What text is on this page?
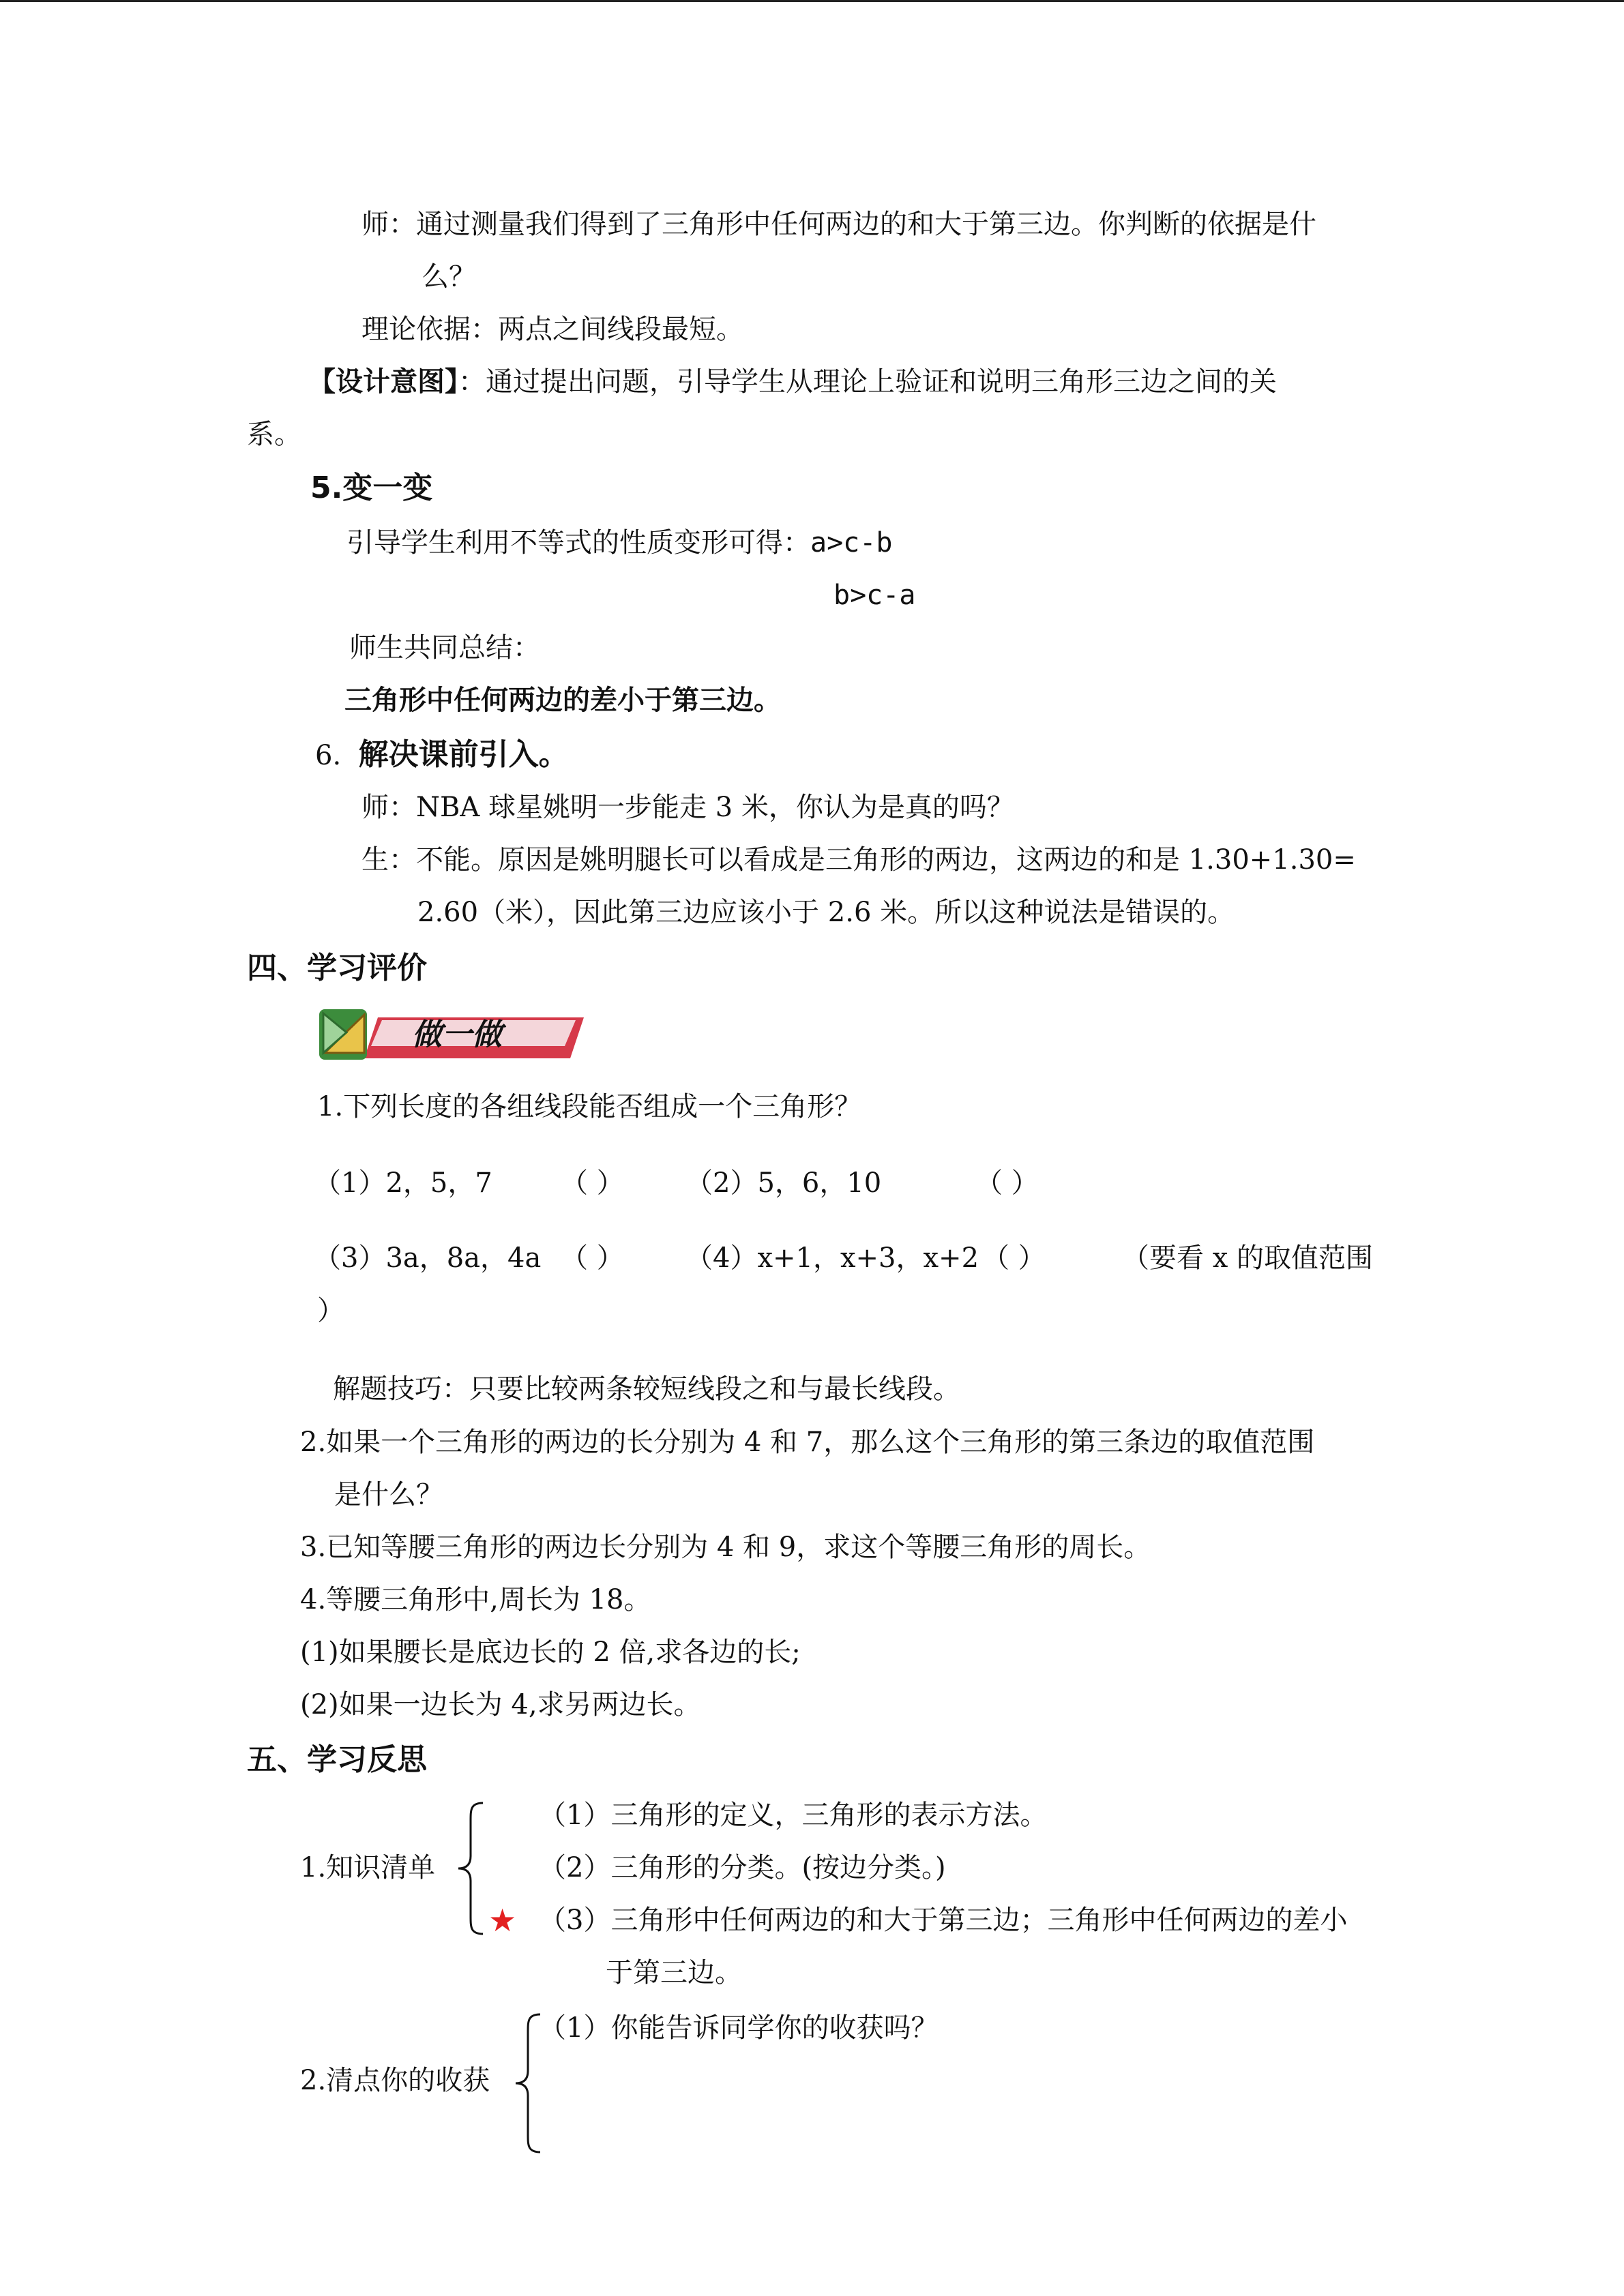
师：通过测量我们得到了三角形中任何两边的和大于第三边。你判断的依据是什
么？
理论依据：两点之间线段最短。
【设计意图】：通过提出问题，引导学生从理论上验证和说明三角形三边之间的关
系。
5.变一变
引导学生利用不等式的性质变形可得：a>c-b
b>c-a
师生共同总结：
三角形中任何两边的差小于第三边。
6. 解决课前引入。
师：NBA 球星姚明一步能走 3 米，你认为是真的吗？
生：不能。原因是姚明腿长可以看成是三角形的两边，这两边的和是 1.30+1.30=
2.60（米），因此第三边应该小于 2.6 米。所以这种说法是错误的。
四、学习评价
做一做
1.下列长度的各组线段能否组成一个三角形？
（1）2，5，7	（ ） （2）5，6，10	（ ）
（3）3a，8a，4a （ ） （4）x+1，x+3，x+2 （ ）	（要看 x 的取值范围
）
解题技巧：只要比较两条较短线段之和与最长线段。
2.如果一个三角形的两边的长分别为 4 和 7，那么这个三角形的第三条边的取值范围
是什么？
3.已知等腰三角形的两边长分别为 4 和 9，求这个等腰三角形的周长。
4.等腰三角形中,周长为 18。
(1)如果腰长是底边长的 2 倍,求各边的长;
(2)如果一边长为 4,求另两边长。
五、学习反思
1.知识清单
（1）三角形的定义，三角形的表示方法。
（2）三角形的分类。(按边分类。)
★ （3）三角形中任何两边的和大于第三边；三角形中任何两边的差小
于第三边。
2.清点你的收获
（1）你能告诉同学你的收获吗？
